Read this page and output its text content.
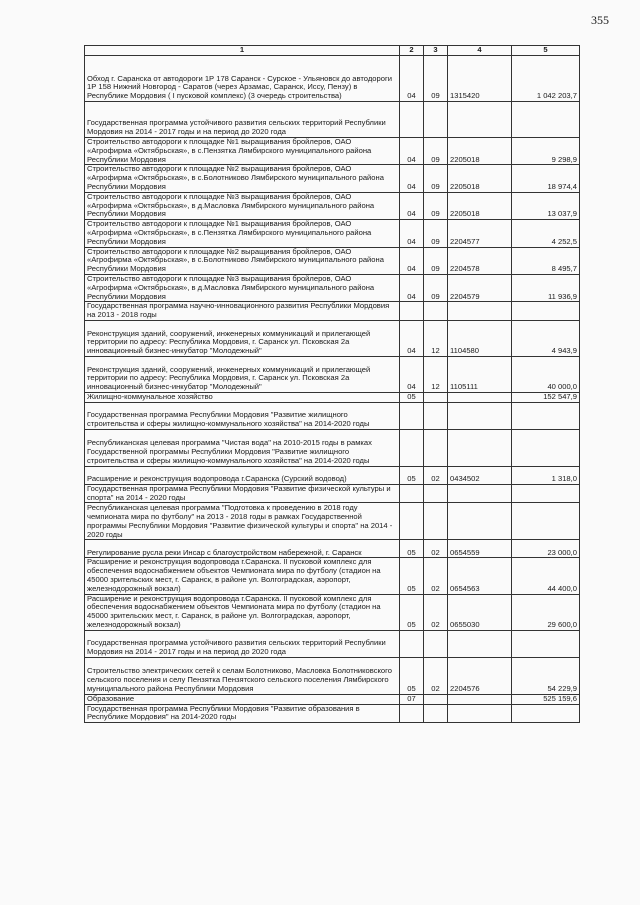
355
1	2	3	4	5
Обход г. Саранска от автодороги 1Р 178 Саранск - Сурское - Ульяновск до автодороги 1Р 158 Нижний Новгород - Саратов (через Арзамас, Саранск, Иссу, Пензу) в Республике Мордовия ( I пусковой комплекс) (3 очередь строительства)	04	09	1315420	1 042 203,7
Государственная программа устойчивого развития сельских территорий Республики Мордовия на 2014 - 2017 годы и на период до 2020 года				
Строительство автодороги к площадке №1 выращивания бройлеров, ОАО «Агрофирма «Октябрьская», в с.Пензятка Лямбирского муниципального района Республики Мордовия	04	09	2205018	9 298,9
Строительство автодороги к площадке №2 выращивания бройлеров, ОАО «Агрофирма «Октябрьская», в с.Болотниково Лямбирского муниципального района Республики Мордовия	04	09	2205018	18 974,4
Строительство автодороги к площадке №3 выращивания бройлеров, ОАО «Агрофирма «Октябрьская», в д.Масловка Лямбирского муниципального района Республики Мордовия	04	09	2205018	13 037,9
Строительство автодороги к площадке №1 выращивания бройлеров, ОАО «Агрофирма «Октябрьская», в с.Пензятка Лямбирского муниципального района Республики Мордовия	04	09	2204577	4 252,5
Строительство автодороги к площадке №2 выращивания бройлеров, ОАО «Агрофирма «Октябрьская», в с.Болотниково Лямбирского муниципального района Республики Мордовия	04	09	2204578	8 495,7
Строительство автодороги к площадке №3 выращивания бройлеров, ОАО «Агрофирма «Октябрьская», в д.Масловка Лямбирского муниципального района Республики Мордовия	04	09	2204579	11 936,9
Государственная программа научно-инновационного развития Республики Мордовия на 2013 - 2018 годы				
Реконструкция зданий, сооружений, инженерных коммуникаций и прилегающей территории по адресу: Республика Мордовия, г. Саранск ул. Псковская 2а инновационный бизнес-инкубатор "Молодежный"	04	12	1104580	4 943,9
Реконструкция зданий, сооружений, инженерных коммуникаций и прилегающей территории по адресу: Республика Мордовия, г. Саранск ул. Псковская 2а инновационный бизнес-инкубатор "Молодежный"	04	12	1105111	40 000,0
Жилищно-коммунальное хозяйство	05			152 547,9
Государственная программа Республики Мордовия "Развитие жилищного строительства и сферы жилищно-коммунального хозяйства" на 2014-2020 годы				
Республиканская целевая программа "Чистая вода" на 2010-2015 годы в рамках Государственной программы Республики Мордовия "Развитие жилищного строительства и сферы жилищно-коммунального хозяйства" на 2014-2020 годы				
Расширение и реконструкция водопровода г.Саранска (Сурский водовод)	05	02	0434502	1 318,0
Государственная программа Республики Мордовия "Развитие физической культуры и спорта" на 2014 - 2020 годы				
Республиканская целевая программа "Подготовка к проведению в 2018 году чемпионата мира по футболу" на 2013 - 2018 годы в рамках Государственной программы Республики Мордовия "Развитие физической культуры и спорта" на 2014 - 2020 годы				
Регулирование русла реки Инсар с благоустройством набережной, г. Саранск	05	02	0654559	23 000,0
Расширение и реконструкция водопровода г.Саранска. II пусковой комплекс для обеспечения водоснабжением объектов Чемпионата мира по футболу (стадион на 45000 зрительских мест, г. Саранск, в районе ул. Волгоградская, аэропорт, железнодорожный вокзал)	05	02	0654563	44 400,0
Расширение и реконструкция водопровода г.Саранска. II пусковой комплекс для обеспечения водоснабжением объектов Чемпионата мира по футболу (стадион на 45000 зрительских мест, г. Саранск, в районе ул. Волгоградская, аэропорт, железнодорожный вокзал)	05	02	0655030	29 600,0
Государственная программа устойчивого развития сельских территорий Республики Мордовия на 2014 - 2017 годы и на период до 2020 года				
Строительство электрических сетей к селам Болотниково, Масловка Болотниковского сельского поселения и селу Пензятка Пензятского сельского поселения Лямбирского муниципального района Республики Мордовия	05	02	2204576	54 229,9
Образование	07			525 159,6
Государственная программа Республики Мордовия "Развитие образования в Республике Мордовия" на 2014-2020 годы				
